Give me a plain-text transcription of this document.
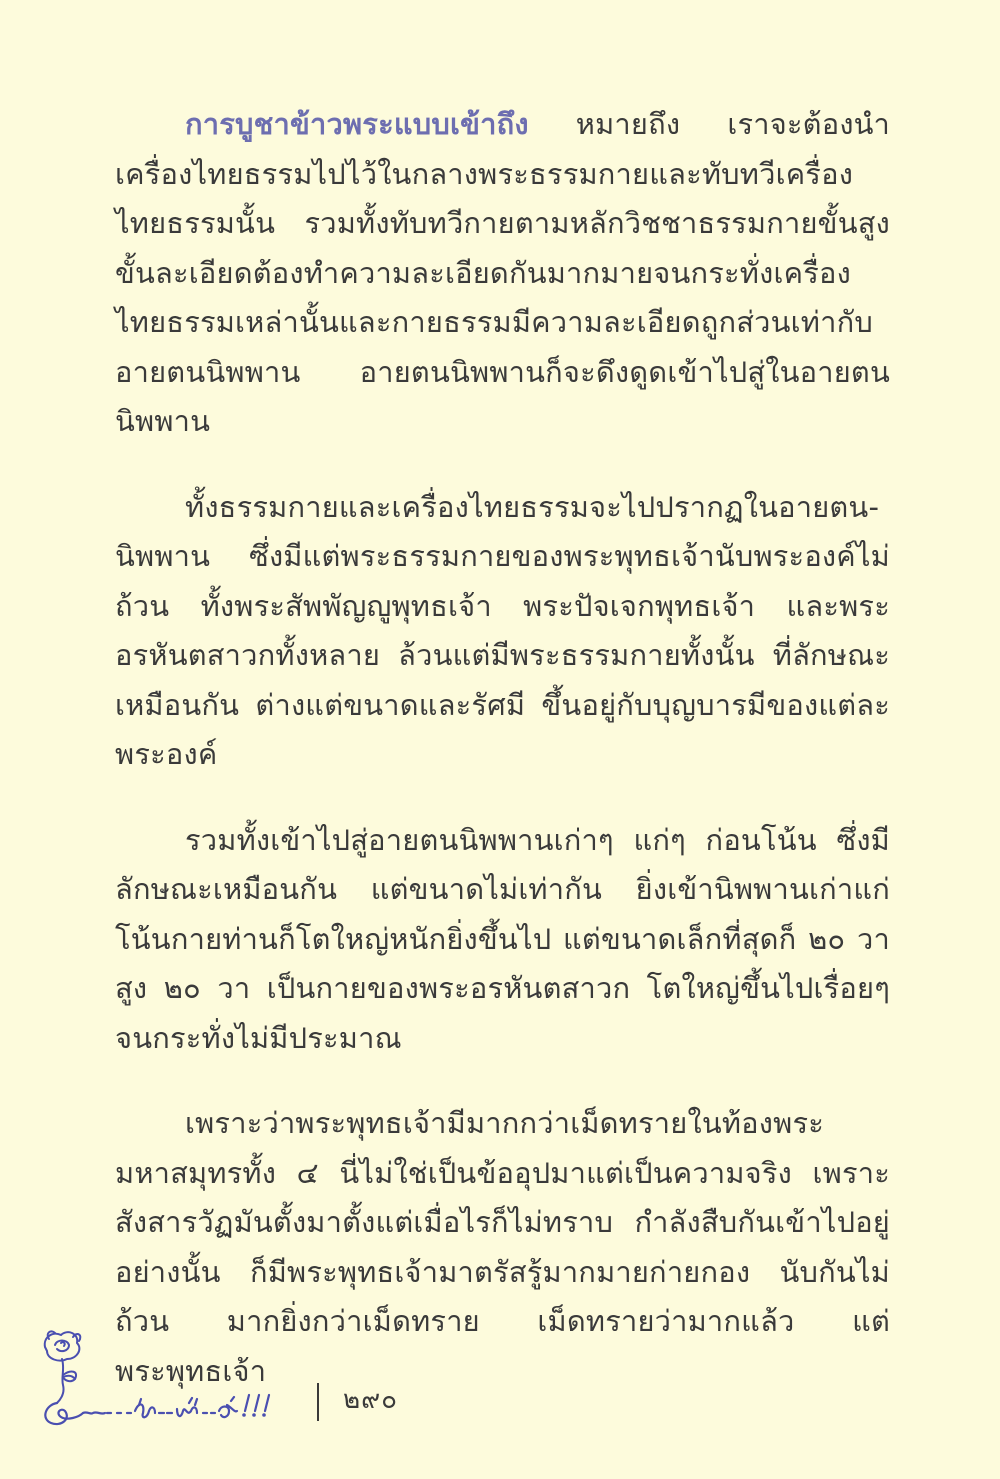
การบูชาข้าวพระแบบเข้าถึง หมายถึง เราจะต้องนำเครื่องไทยธรรมไปไว้ในกลางพระธรรมกายและทับทวีเครื่องไทยธรรมนั้น รวมทั้งทับทวีกายตามหลักวิชชาธรรมกายขั้นสูง ขั้นละเอียดต้องทำความละเอียดกันมากมายจนกระทั่งเครื่องไทยธรรมเหล่านั้นและกายธรรมมีความละเอียดถูกส่วนเท่ากับอายตนนิพพาน อายตนนิพพานก็จะดึงดูดเข้าไปสู่ในอายตนนิพพาน

ทั้งธรรมกายและเครื่องไทยธรรมจะไปปรากฏในอายตน-นิพพาน ซึ่งมีแต่พระธรรมกายของพระพุทธเจ้านับพระองค์ไม่ถ้วน ทั้งพระสัพพัญญูพุทธเจ้า พระปัจเจกพุทธเจ้า และพระอรหันตสาวกทั้งหลาย ล้วนแต่มีพระธรรมกายทั้งนั้น ที่ลักษณะเหมือนกัน ต่างแต่ขนาดและรัศมี ขึ้นอยู่กับบุญบารมีของแต่ละพระองค์

รวมทั้งเข้าไปสู่อายตนนิพพานเก่าๆ แก่ๆ ก่อนโน้น ซึ่งมีลักษณะเหมือนกัน แต่ขนาดไม่เท่ากัน ยิ่งเข้านิพพานเก่าแก่โน้นกายท่านก็โตใหญ่หนักยิ่งขึ้นไป แต่ขนาดเล็กที่สุดก็ ๒๐ วา สูง ๒๐ วา เป็นกายของพระอรหันตสาวก โตใหญ่ขึ้นไปเรื่อยๆ จนกระทั่งไม่มีประมาณ

เพราะว่าพระพุทธเจ้ามีมากกว่าเม็ดทรายในท้องพระมหาสมุทรทั้ง ๔ นี่ไม่ใช่เป็นข้ออุปมาแต่เป็นความจริง เพราะสังสารวัฏมันตั้งมาตั้งแต่เมื่อไรก็ไม่ทราบ กำลังสืบกันเข้าไปอยู่อย่างนั้น ก็มีพระพุทธเจ้ามาตรัสรู้มากมายก่ายกอง นับกันไม่ถ้วน มากยิ่งกว่าเม็ดทราย เม็ดทรายว่ามากแล้ว แต่พระพุทธเจ้า

ฝัน...ท่อ...แท่...ลัก !!!
๒๙๐
